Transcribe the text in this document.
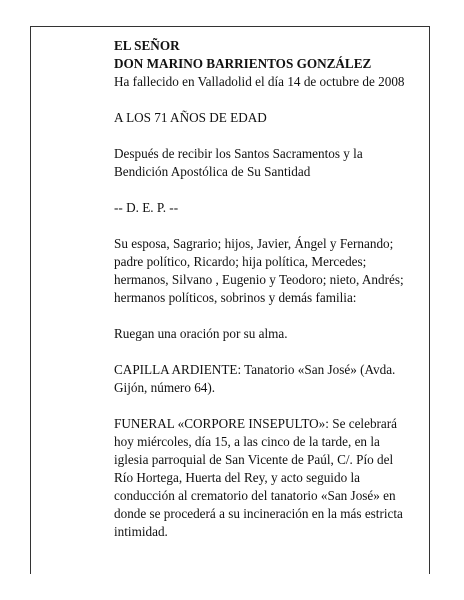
EL SEÑOR
DON MARINO BARRIENTOS GONZÁLEZ
Ha fallecido en Valladolid el día 14 de octubre de 2008

A LOS 71 AÑOS DE EDAD

Después de recibir los Santos Sacramentos y la
Bendición Apostólica de Su Santidad

-- D. E. P. --

Su esposa, Sagrario; hijos, Javier, Ángel y Fernando;
padre político, Ricardo; hija política, Mercedes;
hermanos, Silvano , Eugenio y Teodoro; nieto, Andrés;
hermanos políticos, sobrinos y demás familia:

Ruegan una oración por su alma.

CAPILLA ARDIENTE: Tanatorio «San José» (Avda.
Gijón, número 64).

FUNERAL «CORPORE INSEPULTO»: Se celebrará
hoy miércoles, día 15, a las cinco de la tarde, en la
iglesia parroquial de San Vicente de Paúl, C/. Pío del
Río Hortega, Huerta del Rey, y acto seguido la
conducción al crematorio del tanatorio «San José» en
donde se procederá a su incineración en la más estricta
intimidad.
